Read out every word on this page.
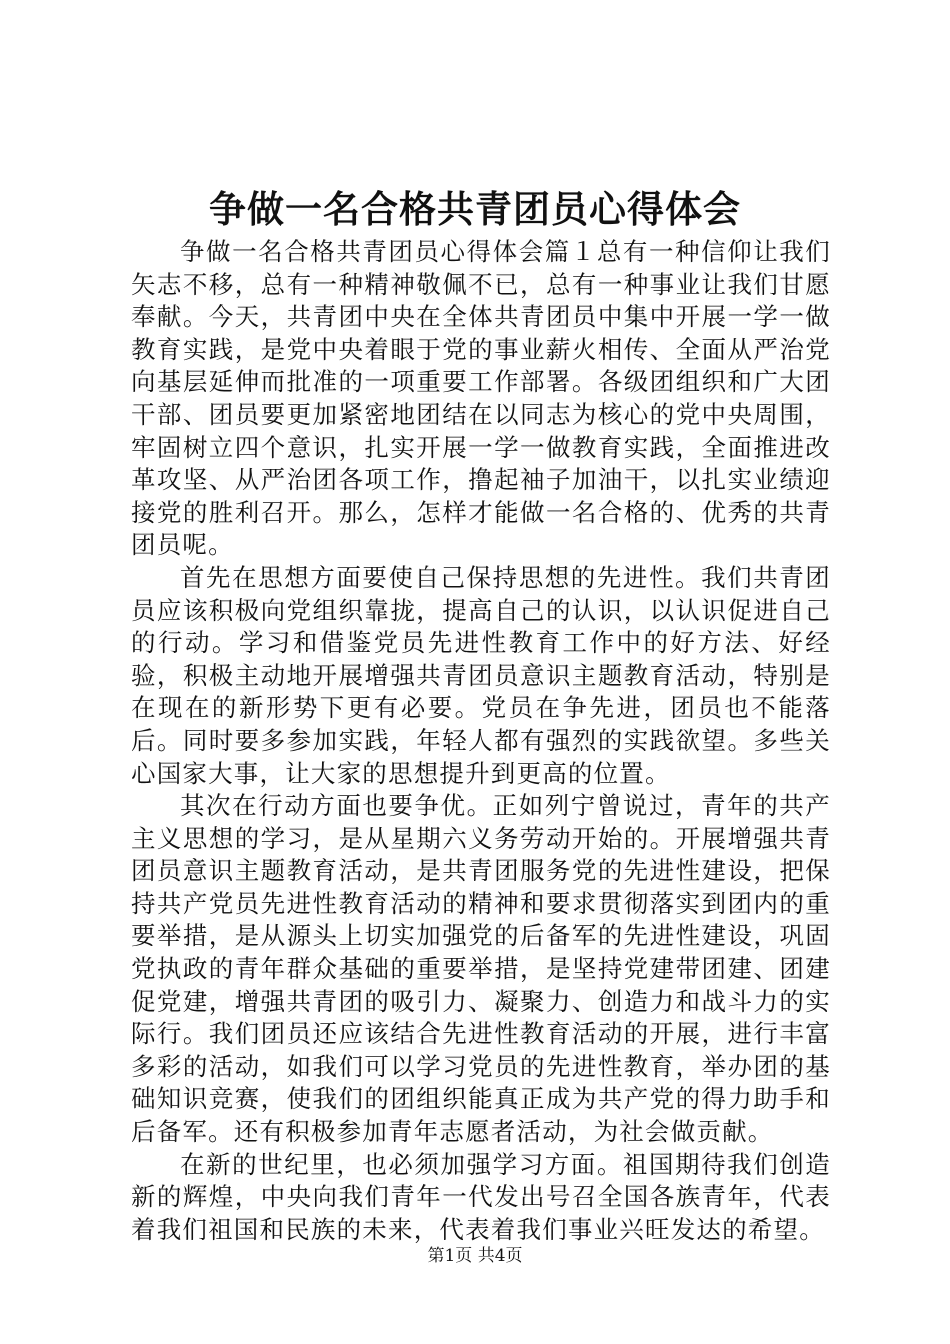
争做一名合格共青团员心得体会

争做一名合格共青团员心得体会篇１总有一种信仰让我们矢志不移，总有一种精神敬佩不已，总有一种事业让我们甘愿奉献。今天，共青团中央在全体共青团员中集中开展一学一做教育实践，是党中央着眼于党的事业薪火相传、全面从严治党向基层延伸而批准的一项重要工作部署。各级团组织和广大团干部、团员要更加紧密地团结在以同志为核心的党中央周围，牢固树立四个意识，扎实开展一学一做教育实践，全面推进改革攻坚、从严治团各项工作，撸起袖子加油干，以扎实业绩迎接党的胜利召开。那么，怎样才能做一名合格的、优秀的共青团员呢。

首先在思想方面要使自己保持思想的先进性。我们共青团员应该积极向党组织靠拢，提高自己的认识，以认识促进自己的行动。学习和借鉴党员先进性教育工作中的好方法、好经验，积极主动地开展增强共青团员意识主题教育活动，特别是在现在的新形势下更有必要。党员在争先进，团员也不能落后。同时要多参加实践，年轻人都有强烈的实践欲望。多些关心国家大事，让大家的思想提升到更高的位置。

其次在行动方面也要争优。正如列宁曾说过，青年的共产主义思想的学习，是从星期六义务劳动开始的。开展增强共青团员意识主题教育活动，是共青团服务党的先进性建设，把保持共产党员先进性教育活动的精神和要求贯彻落实到团内的重要举措，是从源头上切实加强党的后备军的先进性建设，巩固党执政的青年群众基础的重要举措，是坚持党建带团建、团建促党建，增强共青团的吸引力、凝聚力、创造力和战斗力的实际行。我们团员还应该结合先进性教育活动的开展，进行丰富多彩的活动，如我们可以学习党员的先进性教育，举办团的基础知识竞赛，使我们的团组织能真正成为共产党的得力助手和后备军。还有积极参加青年志愿者活动，为社会做贡献。

在新的世纪里，也必须加强学习方面。祖国期待我们创造新的辉煌，中央向我们青年一代发出号召全国各族青年，代表着我们祖国和民族的未来，代表着我们事业兴旺发达的希望。

第1页 共4页
